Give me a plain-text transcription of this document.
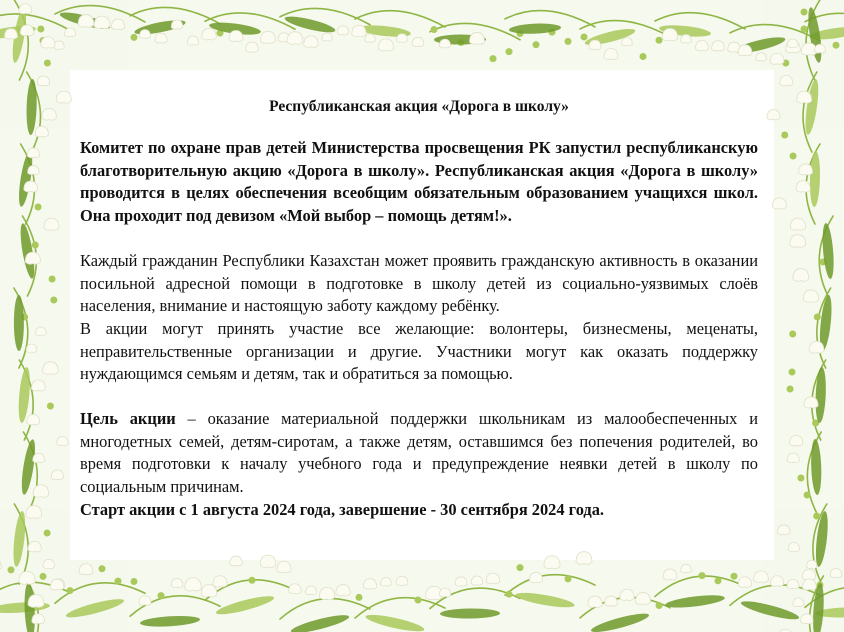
Республиканская акция «Дорога в школу»

Комитет по охране прав детей Министерства просвещения РК запустил республиканскую благотворительную акцию «Дорога в школу». Республиканская акция «Дорога в школу» проводится в целях обеспечения всеобщим обязательным образованием учащихся школ. Она проходит под девизом «Мой выбор – помощь детям!».

Каждый гражданин Республики Казахстан может проявить гражданскую активность в оказании посильной адресной помощи в подготовке в школу детей из социально-уязвимых слоёв населения, внимание и настоящую заботу каждому ребёнку.

В акции могут принять участие все желающие: волонтеры, бизнесмены, меценаты, неправительственные организации и другие. Участники могут как оказать поддержку нуждающимся семьям и детям, так и обратиться за помощью.

Цель акции – оказание материальной поддержки школьникам из малообеспеченных и многодетных семей, детям-сиротам, а также детям, оставшимся без попечения родителей, во время подготовки к началу учебного года и предупреждение неявки детей в школу по социальным причинам.

Старт акции с 1 августа 2024 года, завершение - 30 сентября 2024 года.
